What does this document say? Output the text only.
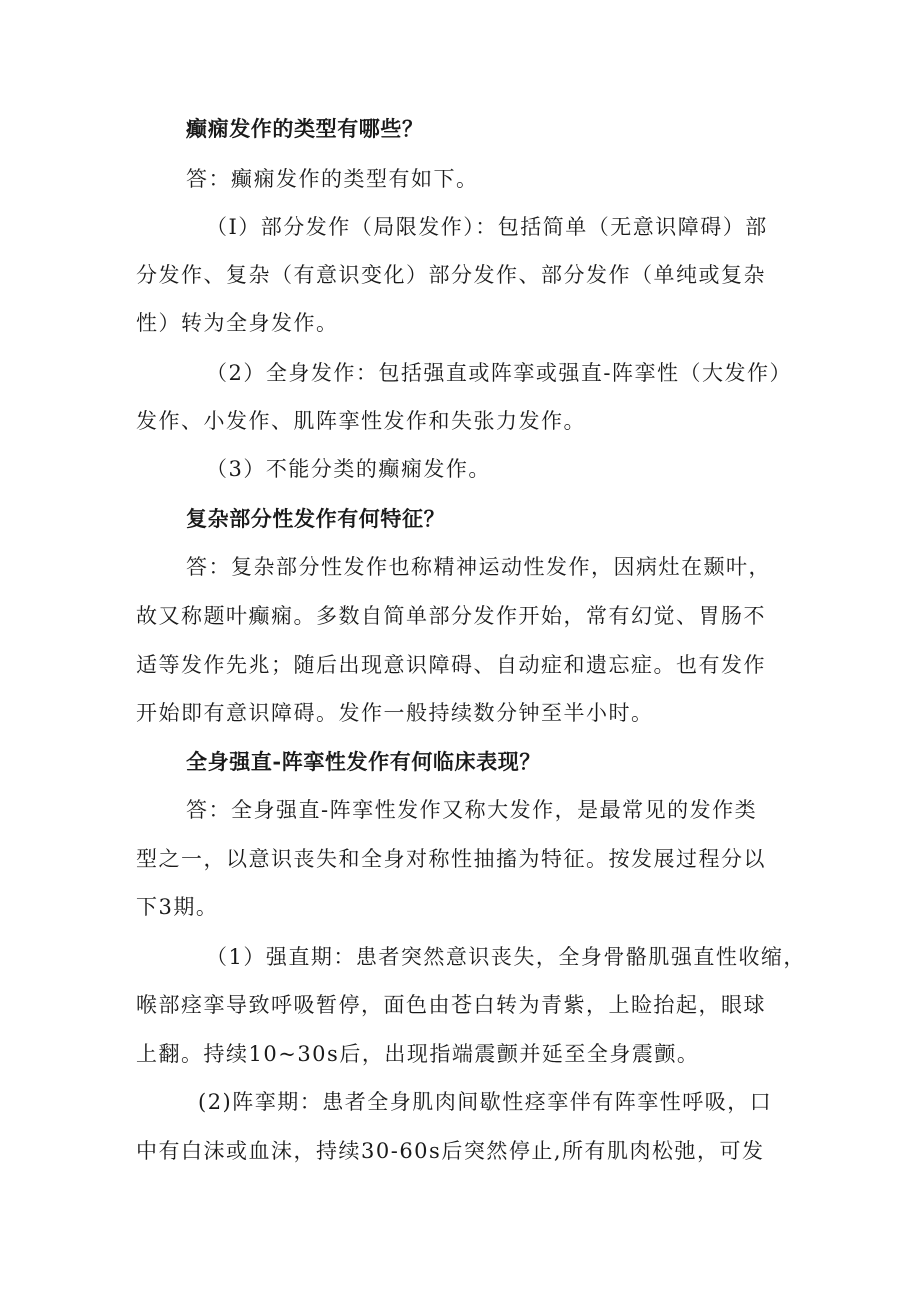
癫痫发作的类型有哪些？
答：癫痫发作的类型有如下。
（I）部分发作（局限发作）：包括简单（无意识障碍）部
分发作、复杂（有意识变化）部分发作、部分发作（单纯或复杂
性）转为全身发作。
（2）全身发作：包括强直或阵挛或强直-阵挛性（大发作）
发作、小发作、肌阵挛性发作和失张力发作。
（3）不能分类的癫痫发作。
复杂部分性发作有何特征？
答：复杂部分性发作也称精神运动性发作，因病灶在颞叶，
故又称题叶癫痫。多数自简单部分发作开始，常有幻觉、胃肠不
适等发作先兆；随后出现意识障碍、自动症和遗忘症。也有发作
开始即有意识障碍。发作一般持续数分钟至半小时。
全身强直-阵挛性发作有何临床表现？
答：全身强直-阵挛性发作又称大发作，是最常见的发作类
型之一，以意识丧失和全身对称性抽搐为特征。按发展过程分以
下3期。
（1）强直期：患者突然意识丧失，全身骨骼肌强直性收缩，
喉部痉挛导致呼吸暂停，面色由苍白转为青紫，上睑抬起，眼球
上翻。持续10~30s后，出现指端震颤并延至全身震颤。
(2)阵挛期：患者全身肌肉间歇性痉挛伴有阵挛性呼吸，口
中有白沫或血沫，持续30-60s后突然停止,所有肌肉松弛，可发
